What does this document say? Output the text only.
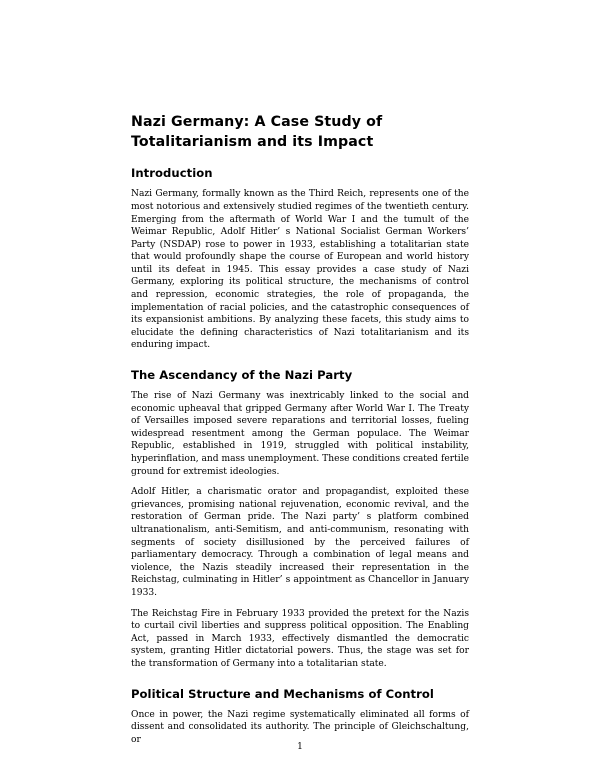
Nazi Germany: A Case Study of Totalitarianism and its Impact
Introduction

Nazi Germany, formally known as the Third Reich, represents one of the most notorious and extensively studied regimes of the twentieth century. Emerging from the aftermath of World War I and the tumult of the Weimar Republic, Adolf Hitler’ s National Socialist German Workers’ Party (NSDAP) rose to power in 1933, establishing a totalitarian state that would profoundly shape the course of European and world history until its defeat in 1945. This essay provides a case study of Nazi Germany, exploring its political structure, the mechanisms of control and repression, economic strategies, the role of propaganda, the implementation of racial policies, and the catastrophic consequences of its expansionist ambitions. By analyzing these facets, this study aims to elucidate the defining characteristics of Nazi totalitarianism and its enduring impact.

The Ascendancy of the Nazi Party

The rise of Nazi Germany was inextricably linked to the social and economic upheaval that gripped Germany after World War I. The Treaty of Versailles imposed severe reparations and territorial losses, fueling widespread resentment among the German populace. The Weimar Republic, established in 1919, struggled with political instability, hyperinflation, and mass unemployment. These conditions created fertile ground for extremist ideologies.

Adolf Hitler, a charismatic orator and propagandist, exploited these grievances, promising national rejuvenation, economic revival, and the restoration of German pride. The Nazi party’ s platform combined ultranationalism, anti-Semitism, and anti-communism, resonating with segments of society disillusioned by the perceived failures of parliamentary democracy. Through a combination of legal means and violence, the Nazis steadily increased their representation in the Reichstag, culminating in Hitler’ s appointment as Chancellor in January 1933.

The Reichstag Fire in February 1933 provided the pretext for the Nazis to curtail civil liberties and suppress political opposition. The Enabling Act, passed in March 1933, effectively dismantled the democratic system, granting Hitler dictatorial powers. Thus, the stage was set for the transformation of Germany into a totalitarian state.

Political Structure and Mechanisms of Control

Once in power, the Nazi regime systematically eliminated all forms of dissent and consolidated its authority. The principle of Gleichschaltung, or

1
